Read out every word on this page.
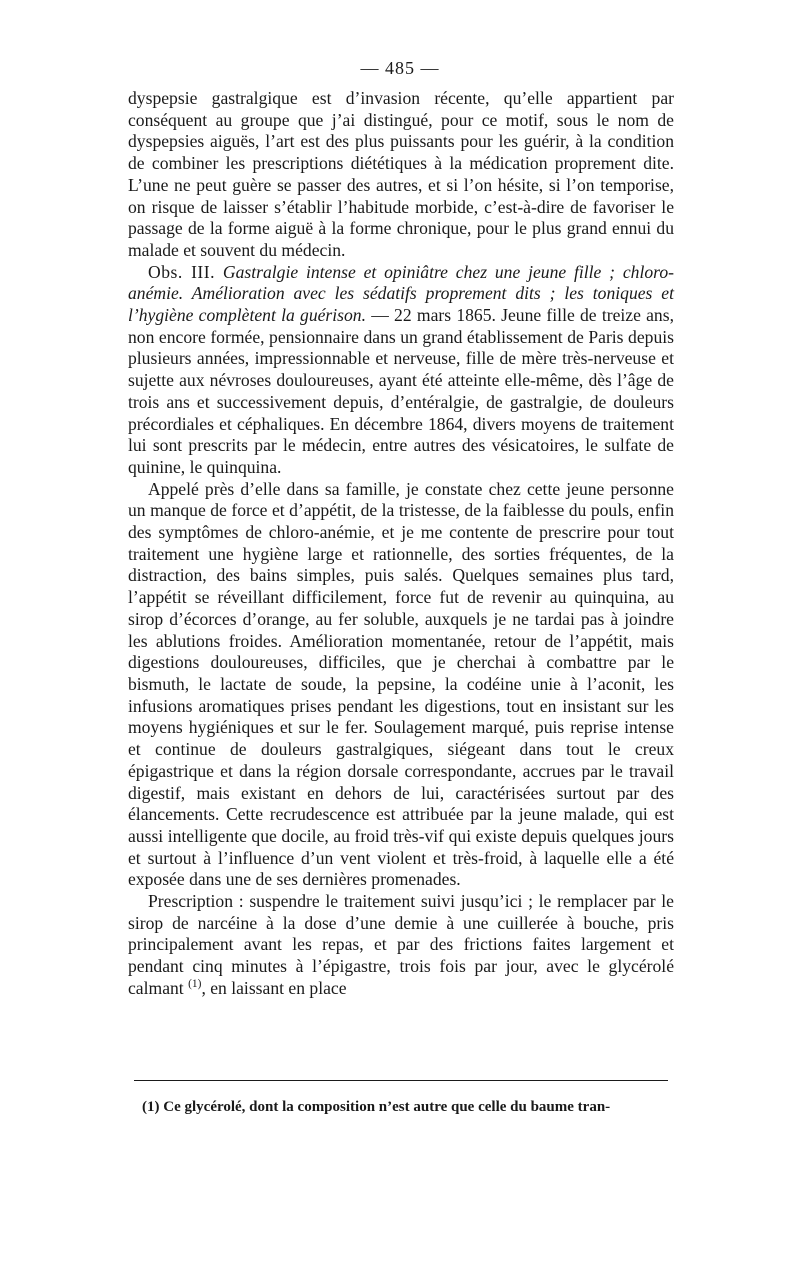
— 485 —

dyspepsie gastralgique est d’invasion récente, qu’elle appartient par conséquent au groupe que j’ai distingué, pour ce motif, sous le nom de dyspepsies aiguës, l’art est des plus puissants pour les guérir, à la condition de combiner les prescriptions diététiques à la médication proprement dite. L’une ne peut guère se passer des autres, et si l’on hésite, si l’on temporise, on risque de laisser s’établir l’habitude morbide, c’est-à-dire de favoriser le passage de la forme aiguë à la forme chronique, pour le plus grand ennui du malade et souvent du médecin.

Obs. III. Gastralgie intense et opiniâtre chez une jeune fille ; chloro-anémie. Amélioration avec les sédatifs proprement dits ; les toniques et l’hygiène complètent la guérison. — 22 mars 1865. Jeune fille de treize ans, non encore formée, pensionnaire dans un grand établissement de Paris depuis plusieurs années, impressionnable et nerveuse, fille de mère très-nerveuse et sujette aux névroses douloureuses, ayant été atteinte elle-même, dès l’âge de trois ans et successivement depuis, d’entéralgie, de gastralgie, de douleurs précordiales et céphaliques. En décembre 1864, divers moyens de traitement lui sont prescrits par le médecin, entre autres des vésicatoires, le sulfate de quinine, le quinquina.

Appelé près d’elle dans sa famille, je constate chez cette jeune personne un manque de force et d’appétit, de la tristesse, de la faiblesse du pouls, enfin des symptômes de chloro-anémie, et je me contente de prescrire pour tout traitement une hygiène large et rationnelle, des sorties fréquentes, de la distraction, des bains simples, puis salés. Quelques semaines plus tard, l’appétit se réveillant difficilement, force fut de revenir au quinquina, au sirop d’écorces d’orange, au fer soluble, auxquels je ne tardai pas à joindre les ablutions froides. Amélioration momentanée, retour de l’appétit, mais digestions douloureuses, difficiles, que je cherchai à combattre par le bismuth, le lactate de soude, la pepsine, la codéine unie à l’aconit, les infusions aromatiques prises pendant les digestions, tout en insistant sur les moyens hygiéniques et sur le fer. Soulagement marqué, puis reprise intense et continue de douleurs gastralgiques, siégeant dans tout le creux épigastrique et dans la région dorsale correspondante, accrues par le travail digestif, mais existant en dehors de lui, caractérisées surtout par des élancements. Cette recrudescence est attribuée par la jeune malade, qui est aussi intelligente que docile, au froid très-vif qui existe depuis quelques jours et surtout à l’influence d’un vent violent et très-froid, à laquelle elle a été exposée dans une de ses dernières promenades.

Prescription : suspendre le traitement suivi jusqu’ici ; le remplacer par le sirop de narcéine à la dose d’une demie à une cuillerée à bouche, pris principalement avant les repas, et par des frictions faites largement et pendant cinq minutes à l’épigastre, trois fois par jour, avec le glycérolé calmant $^{(1)}$, en laissant en place

(1) Ce glycérolé, dont la composition n’est autre que celle du baume tran-
